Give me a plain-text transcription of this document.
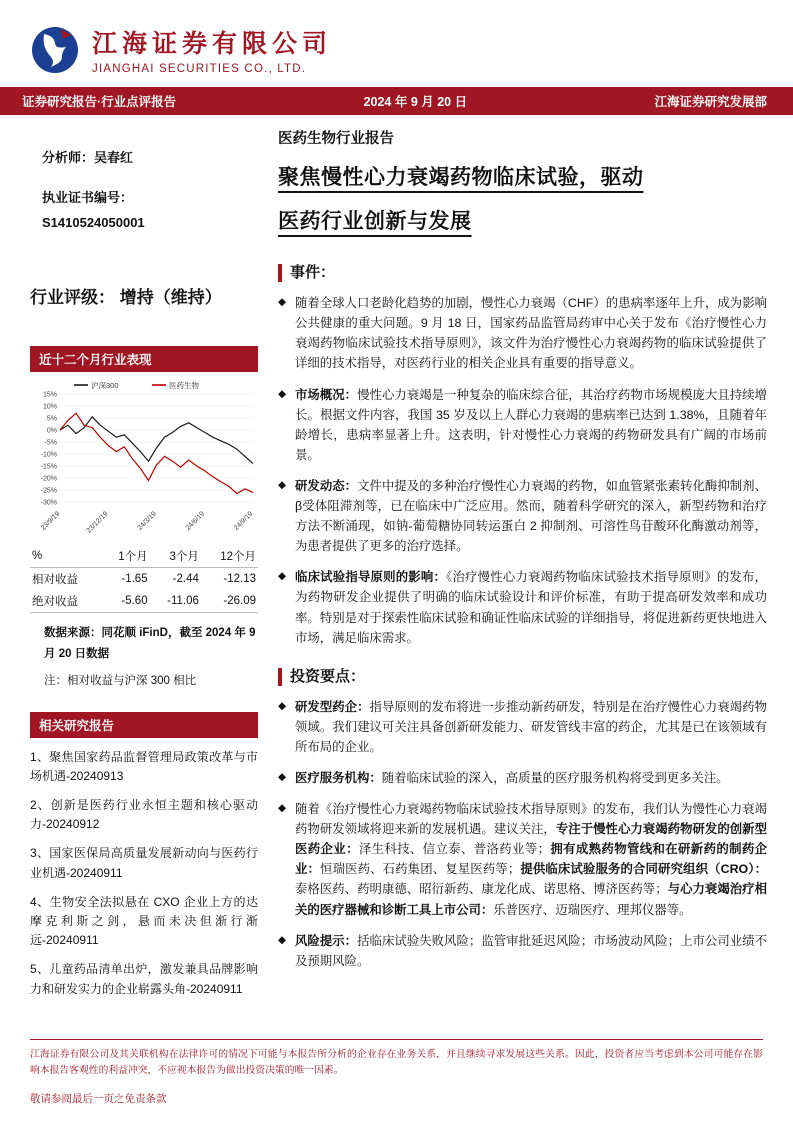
江海证券有限公司
JIANGHAI SECURITIES CO., LTD.
证券研究报告·行业点评报告	2024 年 9 月 20 日	江海证券研究发展部
分析师：吴春红
执业证书编号：
S1410524050001
行业评级： 增持（维持）
近十二个月行业表现
15%
10%
5%
0%
-5%
-10%
-15%
-20%
-25%
-30%
23/9/19	23/12/19	24/3/19	24/6/19	24/9/19
沪深300	医药生物
%	1个月	3个月	12个月
相对收益	-1.65	-2.44	-12.13
绝对收益	-5.60	-11.06	-26.09
数据来源：同花顺 iFinD，截至 2024 年 9 月 20 日数据
注：相对收益与沪深 300 相比
相关研究报告
1、聚焦国家药品监督管理局政策改革与市场机遇-20240913
2、创新是医药行业永恒主题和核心驱动力-20240912
3、国家医保局高质量发展新动向与医药行业机遇-20240911
4、生物安全法拟悬在 CXO 企业上方的达摩克利斯之剑，悬而未决但渐行渐远-20240911
5、儿童药品清单出炉，激发兼具品牌影响力和研发实力的企业崭露头角-20240911
医药生物行业报告
聚焦慢性心力衰竭药物临床试验，驱动
医药行业创新与发展
事件：
◆ 随着全球人口老龄化趋势的加剧，慢性心力衰竭（CHF）的患病率逐年上升，成为影响公共健康的重大问题。9 月 18 日，国家药品监管局药审中心关于发布《治疗慢性心力衰竭药物临床试验技术指导原则》，该文件为治疗慢性心力衰竭药物的临床试验提供了详细的技术指导，对医药行业的相关企业具有重要的指导意义。
◆ 市场概况：慢性心力衰竭是一种复杂的临床综合征，其治疗药物市场规模庞大且持续增长。根据文件内容，我国 35 岁及以上人群心力衰竭的患病率已达到 1.38%，且随着年龄增长，患病率显著上升。这表明，针对慢性心力衰竭的药物研发具有广阔的市场前景。
◆ 研发动态：文件中提及的多种治疗慢性心力衰竭的药物，如血管紧张素转化酶抑制剂、β受体阻滞剂等，已在临床中广泛应用。然而，随着科学研究的深入，新型药物和治疗方法不断涌现，如钠-葡萄糖协同转运蛋白 2 抑制剂、可溶性鸟苷酸环化酶激动剂等，为患者提供了更多的治疗选择。
◆ 临床试验指导原则的影响：《治疗慢性心力衰竭药物临床试验技术指导原则》的发布，为药物研发企业提供了明确的临床试验设计和评价标准，有助于提高研发效率和成功率。特别是对于探索性临床试验和确证性临床试验的详细指导，将促进新药更快地进入市场，满足临床需求。
投资要点：
◆ 研发型药企：指导原则的发布将进一步推动新药研发，特别是在治疗慢性心力衰竭药物领域。我们建议可关注具备创新研发能力、研发管线丰富的药企，尤其是已在该领域有所布局的企业。
◆ 医疗服务机构：随着临床试验的深入，高质量的医疗服务机构将受到更多关注。
◆ 随着《治疗慢性心力衰竭药物临床试验技术指导原则》的发布，我们认为慢性心力衰竭药物研发领域将迎来新的发展机遇。建议关注，专注于慢性心力衰竭药物研发的创新型医药企业：泽生科技、信立泰、普洛药业等；拥有成熟药物管线和在研新药的制药企业：恒瑞医药、石药集团、复星医药等；提供临床试验服务的合同研究组织（CRO）：泰格医药、药明康德、昭衍新药、康龙化成、诺思格、博济医药等；与心力衰竭治疗相关的医疗器械和诊断工具上市公司：乐普医疗、迈瑞医疗、理邦仪器等。
◆ 风险提示：括临床试验失败风险；监管审批延迟风险；市场波动风险；上市公司业绩不及预期风险。
江海证券有限公司及其关联机构在法律许可的情况下可能与本报告所分析的企业存在业务关系，并且继续寻求发展这些关系。因此，投资者应当考虑到本公司可能存在影响本报告客观性的利益冲突，不应视本报告为做出投资决策的唯一因素。
敬请参阅最后一页之免责条款
